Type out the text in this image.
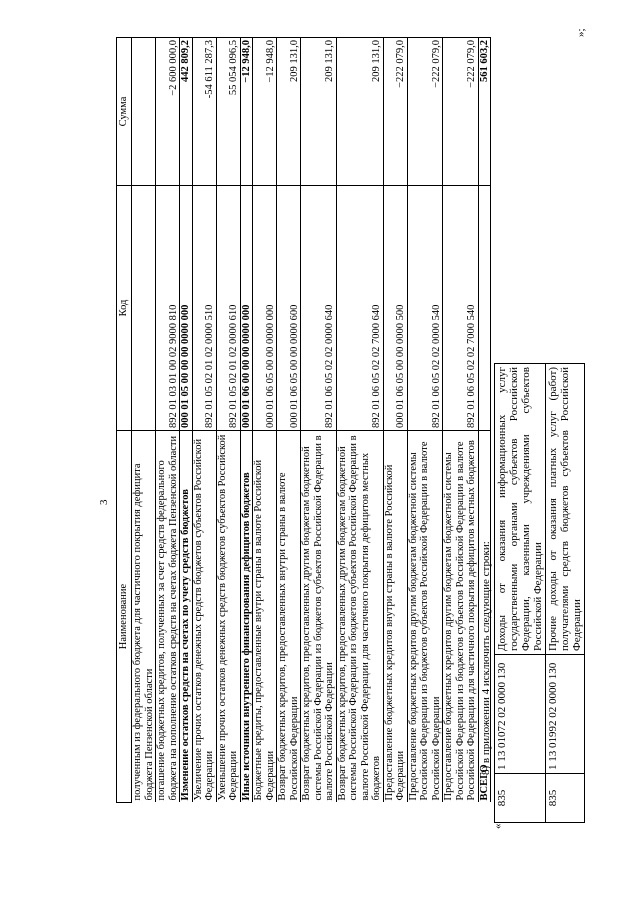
3
Наименование	Код	Сумма
полученным из федерального бюджета для частичного покрытия дефицита бюджета Пензенской области		
погашение бюджетных кредитов, полученных за счет средств федерального бюджета на пополнение остатков средств на счетах бюджета Пензенской области	892 01 03 01 00 02 9000 810	−2 600 000,0
Изменение остатков средств на счетах по учету средств бюджетов	000 01 05 00 00 00 0000 000	442 809,2
Увеличение прочих остатков денежных средств бюджетов субъектов Российской Федерации	892 01 05 02 01 02 0000 510	-54 611 287,3
Уменьшение прочих остатков денежных средств бюджетов субъектов Российской Федерации	892 01 05 02 01 02 0000 610	55 054 096,5
Иные источники внутреннего финансирования дефицитов бюджетов	000 01 06 00 00 00 0000 000	−12 948,0
Бюджетные кредиты, предоставленные внутри страны в валюте Российской Федерации	000 01 06 05 00 00 0000 000	−12 948,0
Возврат бюджетных кредитов, предоставленных внутри страны в валюте Российской Федерации	000 01 06 05 00 00 0000 600	209 131,0
Возврат бюджетных кредитов, предоставленных другим бюджетам бюджетной системы Российской Федерации из бюджетов субъектов Российской Федерации в валюте Российской Федерации	892 01 06 05 02 02 0000 640	209 131,0
Возврат бюджетных кредитов, предоставленных другим бюджетам бюджетной системы Российской Федерации из бюджетов субъектов Российской Федерации в валюте Российской Федерации для частичного покрытия дефицитов местных бюджетов	892 01 06 05 02 02 7000 640	209 131,0
Предоставление бюджетных кредитов внутри страны в валюте Российской Федерации	000 01 06 05 00 00 0000 500	−222 079,0
Предоставление бюджетных кредитов другим бюджетам бюджетной системы Российской Федерации из бюджетов субъектов Российской Федерации в валюте Российской Федерации	892 01 06 05 02 02 0000 540	−222 079,0
Предоставление бюджетных кредитов другим бюджетам бюджетной системы Российской Федерации из бюджетов субъектов Российской Федерации в валюте Российской Федерации для частичного покрытия дефицитов местных бюджетов	892 01 06 05 02 02 7000 540	−222 079,0
ВСЕГО		561 603,2
»;
8) в приложении 4 исключить следующие строки:
«
835	1 13 01072 02 0000 130	Доходы от оказания информационных услуг государственными органами субъектов Российской Федерации, казенными учреждениями субъектов Российской Федерации
835	1 13 01992 02 0000 130	Прочие доходы от оказания платных услуг (работ) получателями средств бюджетов субъектов Российской Федерации
